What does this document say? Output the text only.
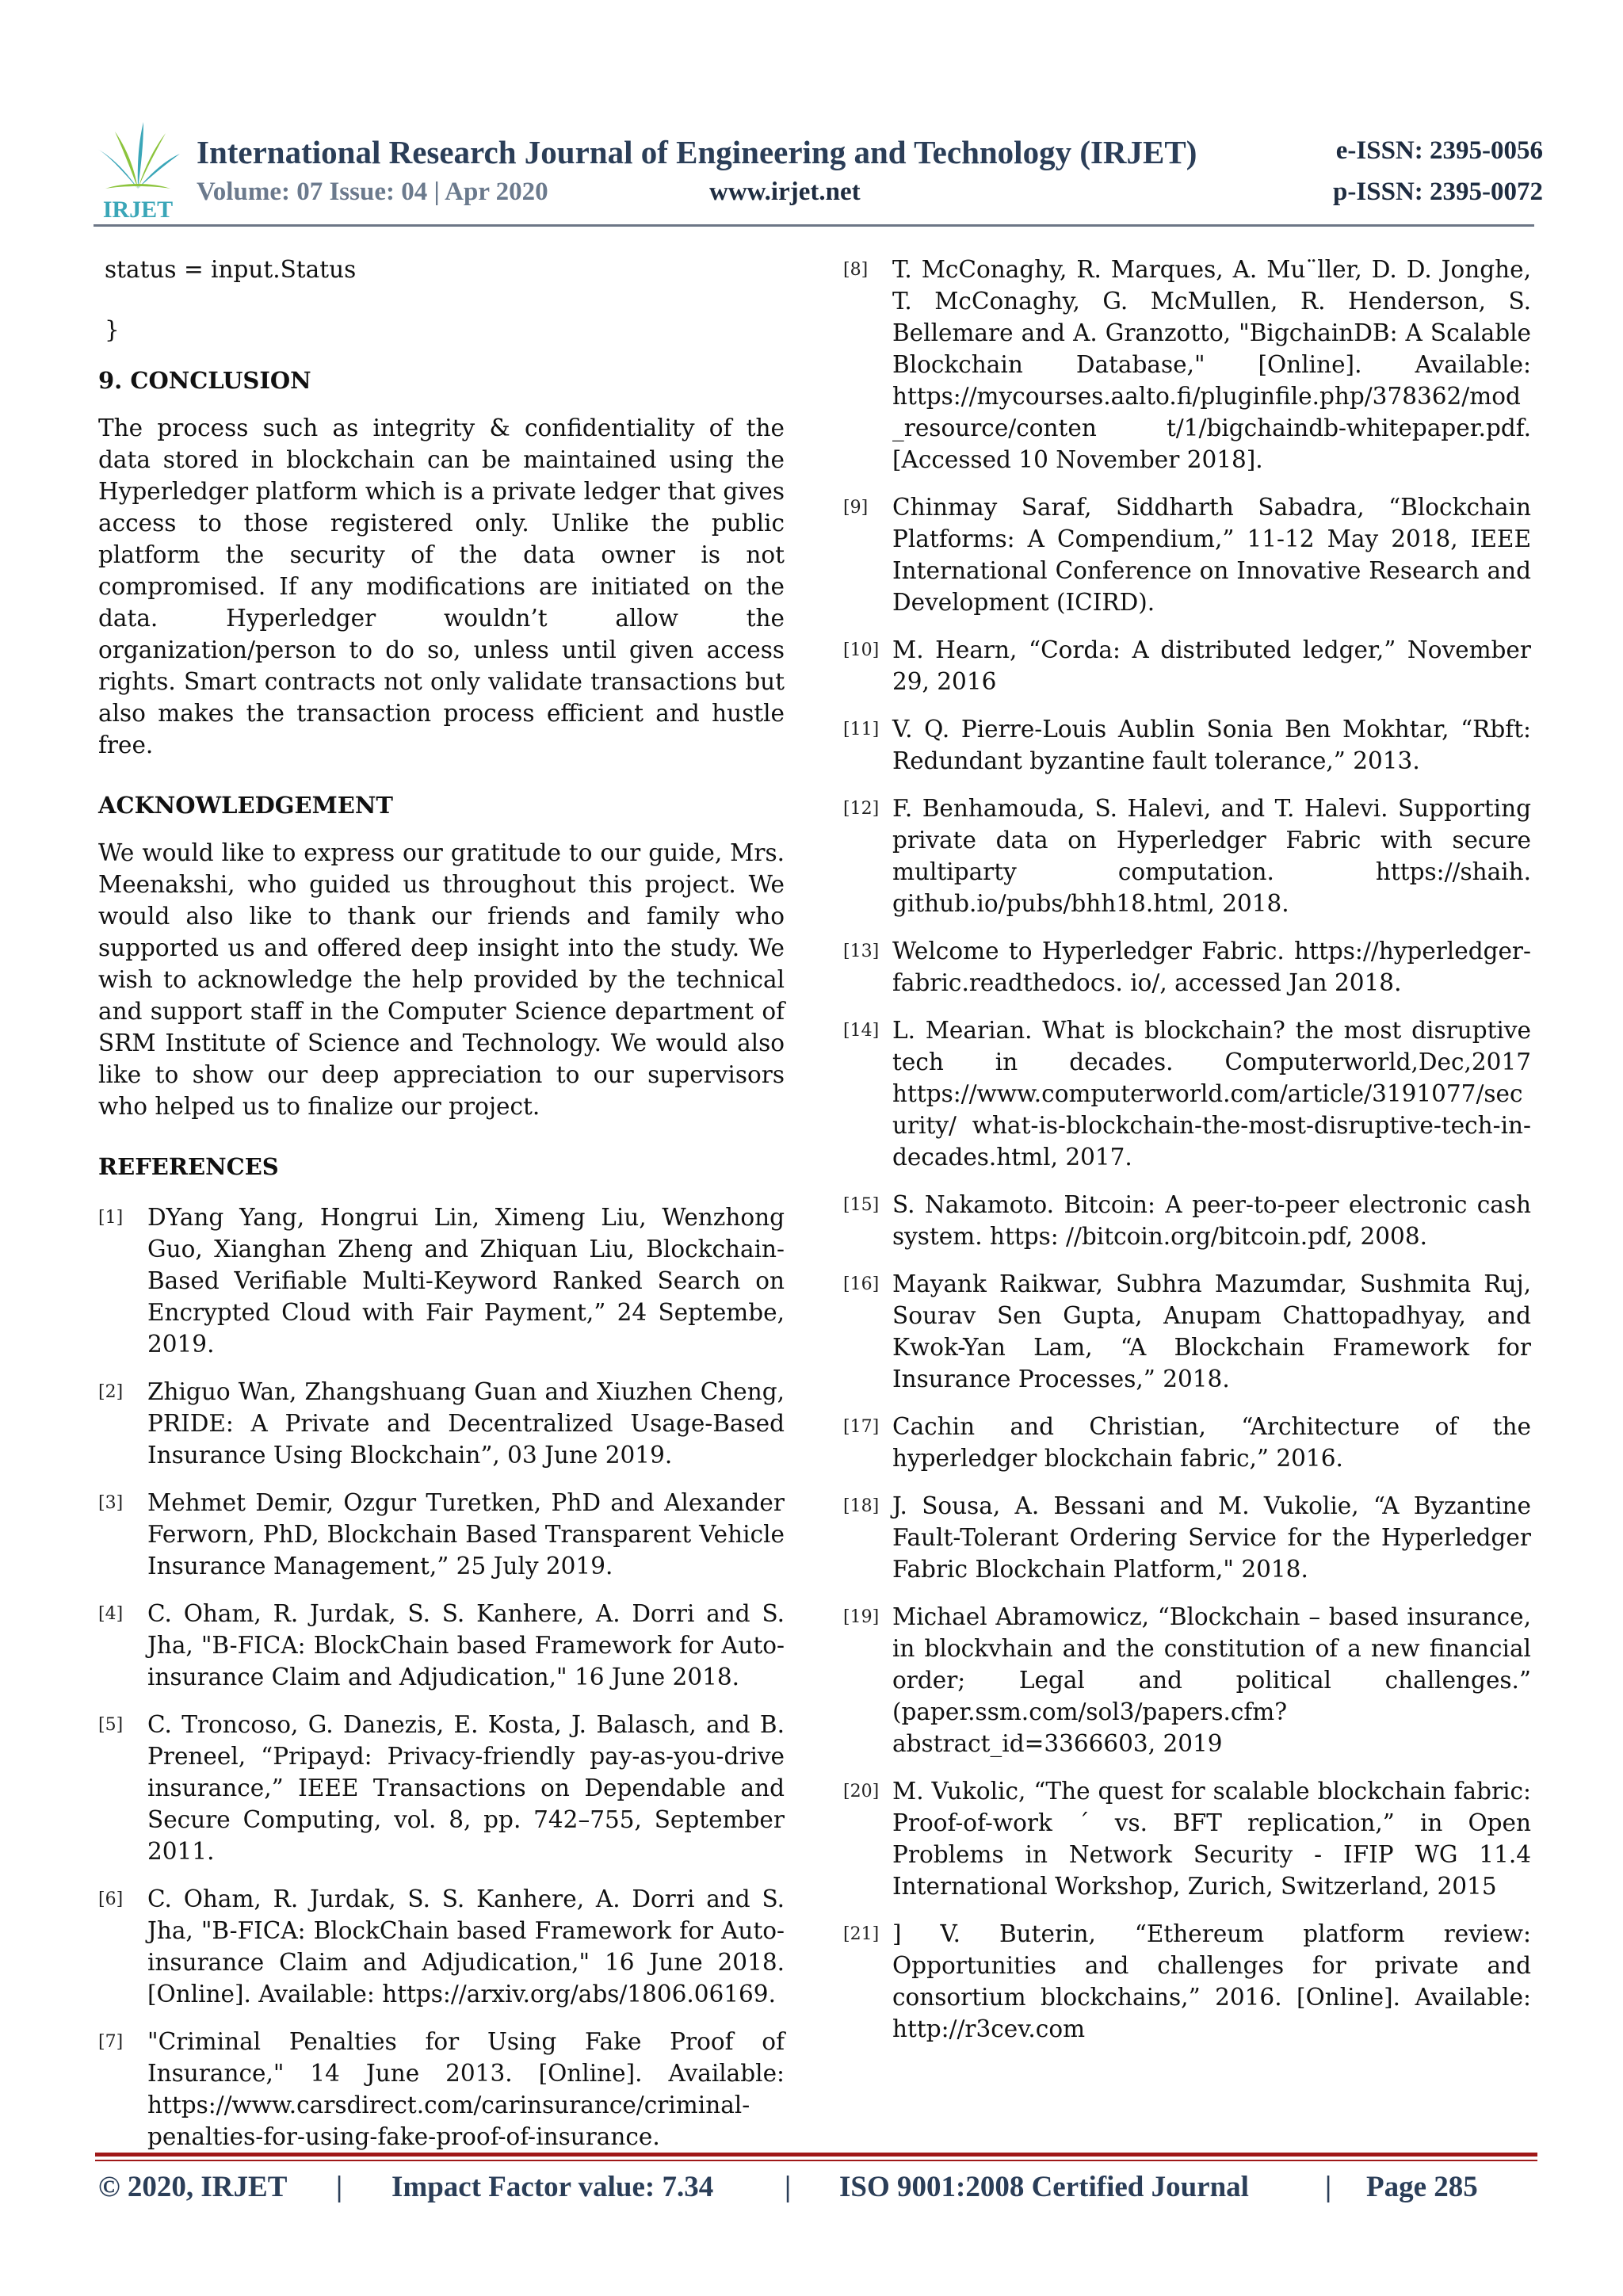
IRJET
International Research Journal of Engineering and Technology (IRJET)	e-ISSN: 2395-0056
Volume: 07 Issue: 04 | Apr 2020	www.irjet.net	p-ISSN: 2395-0072
status = input.Status
}
9. CONCLUSION

The process such as integrity & confidentiality of the data stored in blockchain can be maintained using the Hyperledger platform which is a private ledger that gives access to those registered only. Unlike the public platform the security of the data owner is not compromised. If any modifications are initiated on the data. Hyperledger wouldn’t allow the organization/person to do so, unless until given access rights. Smart contracts not only validate transactions but also makes the transaction process efficient and hustle free.

ACKNOWLEDGEMENT

We would like to express our gratitude to our guide, Mrs. Meenakshi, who guided us throughout this project. We would also like to thank our friends and family who supported us and offered deep insight into the study. We wish to acknowledge the help provided by the technical and support staff in the Computer Science department of SRM Institute of Science and Technology. We would also like to show our deep appreciation to our supervisors who helped us to finalize our project.

REFERENCES
[1] DYang Yang, Hongrui Lin, Ximeng Liu, Wenzhong Guo, Xianghan Zheng and Zhiquan Liu, Blockchain-Based Verifiable Multi-Keyword Ranked Search on Encrypted Cloud with Fair Payment,” 24 Septembe, 2019.
[2] Zhiguo Wan, Zhangshuang Guan and Xiuzhen Cheng, PRIDE: A Private and Decentralized Usage-Based Insurance Using Blockchain”, 03 June 2019.
[3] Mehmet Demir, Ozgur Turetken, PhD and Alexander Ferworn, PhD, Blockchain Based Transparent Vehicle Insurance Management,” 25 July 2019.
[4] C. Oham, R. Jurdak, S. S. Kanhere, A. Dorri and S. Jha, "B-FICA: BlockChain based Framework for Auto-insurance Claim and Adjudication," 16 June 2018.
[5] C. Troncoso, G. Danezis, E. Kosta, J. Balasch, and B. Preneel, “Pripayd: Privacy-friendly pay-as-you-drive insurance,” IEEE Transactions on Dependable and Secure Computing, vol. 8, pp. 742–755, September 2011.
[6] C. Oham, R. Jurdak, S. S. Kanhere, A. Dorri and S. Jha, "B-FICA: BlockChain based Framework for Auto-insurance Claim and Adjudication," 16 June 2018. [Online]. Available: https://arxiv.org/abs/1806.06169.
[7] "Criminal Penalties for Using Fake Proof of Insurance," 14 June 2013. [Online]. Available: https://www.carsdirect.com/carinsurance/criminal-penalties-for-using-fake-proof-of-insurance.
[8] T. McConaghy, R. Marques, A. Mu¨ller, D. D. Jonghe, T. McConaghy, G. McMullen, R. Henderson, S. Bellemare and A. Granzotto, "BigchainDB: A Scalable Blockchain Database," [Online]. Available: https://mycourses.aalto.fi/pluginfile.php/378362/mod_resource/conten t/1/bigchaindb-whitepaper.pdf. [Accessed 10 November 2018].
[9] Chinmay Saraf, Siddharth Sabadra, “Blockchain Platforms: A Compendium,” 11-12 May 2018, IEEE International Conference on Innovative Research and Development (ICIRD).
[10] M. Hearn, “Corda: A distributed ledger,” November 29, 2016
[11] V. Q. Pierre-Louis Aublin Sonia Ben Mokhtar, “Rbft: Redundant byzantine fault tolerance,” 2013.
[12] F. Benhamouda, S. Halevi, and T. Halevi. Supporting private data on Hyperledger Fabric with secure multiparty computation. https://shaih. github.io/pubs/bhh18.html, 2018.
[13] Welcome to Hyperledger Fabric. https://hyperledger-fabric.readthedocs. io/, accessed Jan 2018.
[14] L. Mearian. What is blockchain? the most disruptive tech in decades. Computerworld,Dec,2017 https://www.computerworld.com/article/3191077/security/ what-is-blockchain-the-most-disruptive-tech-in-decades.html, 2017.
[15] S. Nakamoto. Bitcoin: A peer-to-peer electronic cash system. https: //bitcoin.org/bitcoin.pdf, 2008.
[16] Mayank Raikwar, Subhra Mazumdar, Sushmita Ruj, Sourav Sen Gupta, Anupam Chattopadhyay, and Kwok-Yan Lam, “A Blockchain Framework for Insurance Processes,” 2018.
[17] Cachin and Christian, “Architecture of the hyperledger blockchain fabric,” 2016.
[18] J. Sousa, A. Bessani and M. Vukolie, “A Byzantine Fault-Tolerant Ordering Service for the Hyperledger Fabric Blockchain Platform," 2018.
[19] Michael Abramowicz, “Blockchain – based insurance, in blockvhain and the constitution of a new financial order; Legal and political challenges.” (paper.ssm.com/sol3/papers.cfm?abstract_id=3366603, 2019
[20] M. Vukolic, “The quest for scalable blockchain fabric: Proof-of-work ´ vs. BFT replication,” in Open Problems in Network Security - IFIP WG 11.4 International Workshop, Zurich, Switzerland, 2015
[21] ] V. Buterin, “Ethereum platform review: Opportunities and challenges for private and consortium blockchains,” 2016. [Online]. Available: http://r3cev.com
© 2020, IRJET | Impact Factor value: 7.34 | ISO 9001:2008 Certified Journal	| Page 285
